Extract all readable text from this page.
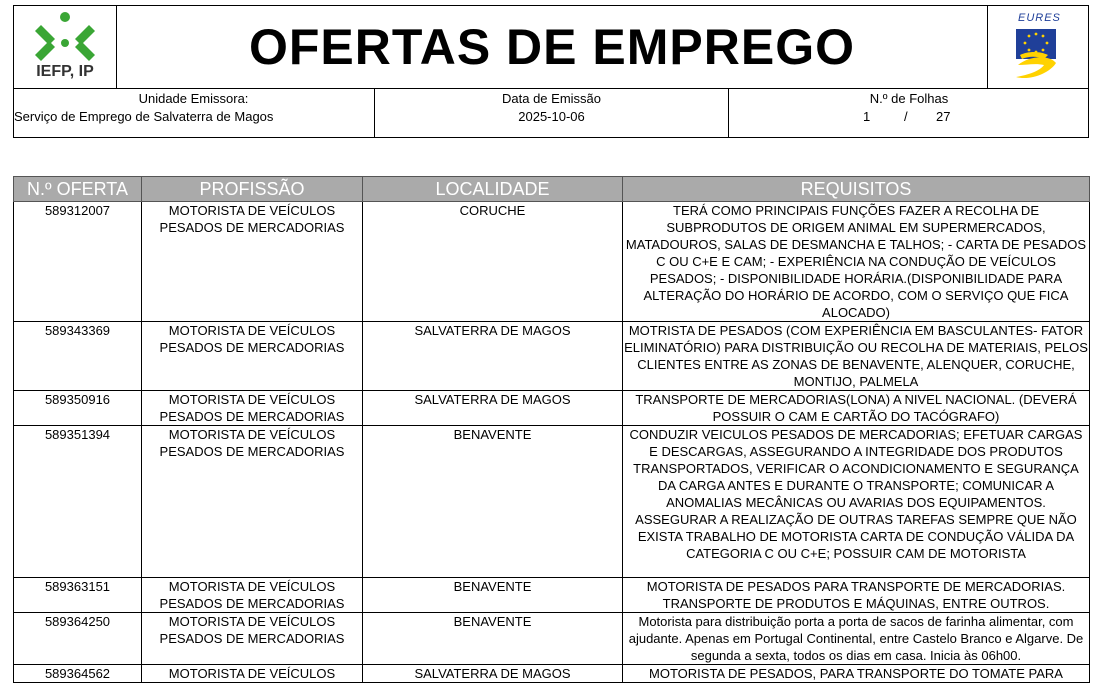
IEFP, IP	OFERTAS DE EMPREGO
EURES
Unidade Emissora:
Serviço de Emprego de Salvaterra de Magos
Data de Emissão
2025-10-06
N.º de Folhas
1	/ 27
N.º OFERTA	PROFISSÃO	LOCALIDADE	REQUISITOS
589312007	MOTORISTA DE VEÍCULOS PESADOS DE MERCADORIAS	CORUCHE	TERÁ COMO PRINCIPAIS FUNÇÕES FAZER A RECOLHA DE SUBPRODUTOS DE ORIGEM ANIMAL EM SUPERMERCADOS, MATADOUROS, SALAS DE DESMANCHA E TALHOS; - CARTA DE PESADOS C OU C+E E CAM; - EXPERIÊNCIA NA CONDUÇÃO DE VEÍCULOS PESADOS; - DISPONIBILIDADE HORÁRIA.(DISPONIBILIDADE PARA ALTERAÇÃO DO HORÁRIO DE ACORDO, COM O SERVIÇO QUE FICA ALOCADO)
589343369	MOTORISTA DE VEÍCULOS PESADOS DE MERCADORIAS	SALVATERRA DE MAGOS	MOTRISTA DE PESADOS (COM EXPERIÊNCIA EM BASCULANTES- FATOR ELIMINATÓRIO) PARA DISTRIBUIÇÃO OU RECOLHA DE MATERIAIS, PELOS CLIENTES ENTRE AS ZONAS DE BENAVENTE, ALENQUER, CORUCHE, MONTIJO, PALMELA
589350916	MOTORISTA DE VEÍCULOS PESADOS DE MERCADORIAS	SALVATERRA DE MAGOS	TRANSPORTE DE MERCADORIAS(LONA) A NIVEL NACIONAL. (DEVERÁ POSSUIR O CAM E CARTÃO DO TACÓGRAFO)
589351394	MOTORISTA DE VEÍCULOS PESADOS DE MERCADORIAS	BENAVENTE	CONDUZIR VEICULOS PESADOS DE MERCADORIAS; EFETUAR CARGAS E DESCARGAS, ASSEGURANDO A INTEGRIDADE DOS PRODUTOS TRANSPORTADOS, VERIFICAR O ACONDICIONAMENTO E SEGURANÇA DA CARGA ANTES E DURANTE O TRANSPORTE; COMUNICAR A ANOMALIAS MECÂNICAS OU AVARIAS DOS EQUIPAMENTOS. ASSEGURAR A REALIZAÇÃO DE OUTRAS TAREFAS SEMPRE QUE NÃO EXISTA TRABALHO DE MOTORISTA CARTA DE CONDUÇÃO VÁLIDA DA CATEGORIA C OU C+E; POSSUIR CAM DE MOTORISTA
589363151	MOTORISTA DE VEÍCULOS PESADOS DE MERCADORIAS	BENAVENTE	MOTORISTA DE PESADOS PARA TRANSPORTE DE MERCADORIAS. TRANSPORTE DE PRODUTOS E MÁQUINAS, ENTRE OUTROS.
589364250	MOTORISTA DE VEÍCULOS PESADOS DE MERCADORIAS	BENAVENTE	Motorista para distribuição porta a porta de sacos de farinha alimentar, com ajudante. Apenas em Portugal Continental, entre Castelo Branco e Algarve. De segunda a sexta, todos os dias em casa. Inicia às 06h00.
589364562	MOTORISTA DE VEÍCULOS	SALVATERRA DE MAGOS	MOTORISTA DE PESADOS, PARA TRANSPORTE DO TOMATE PARA
